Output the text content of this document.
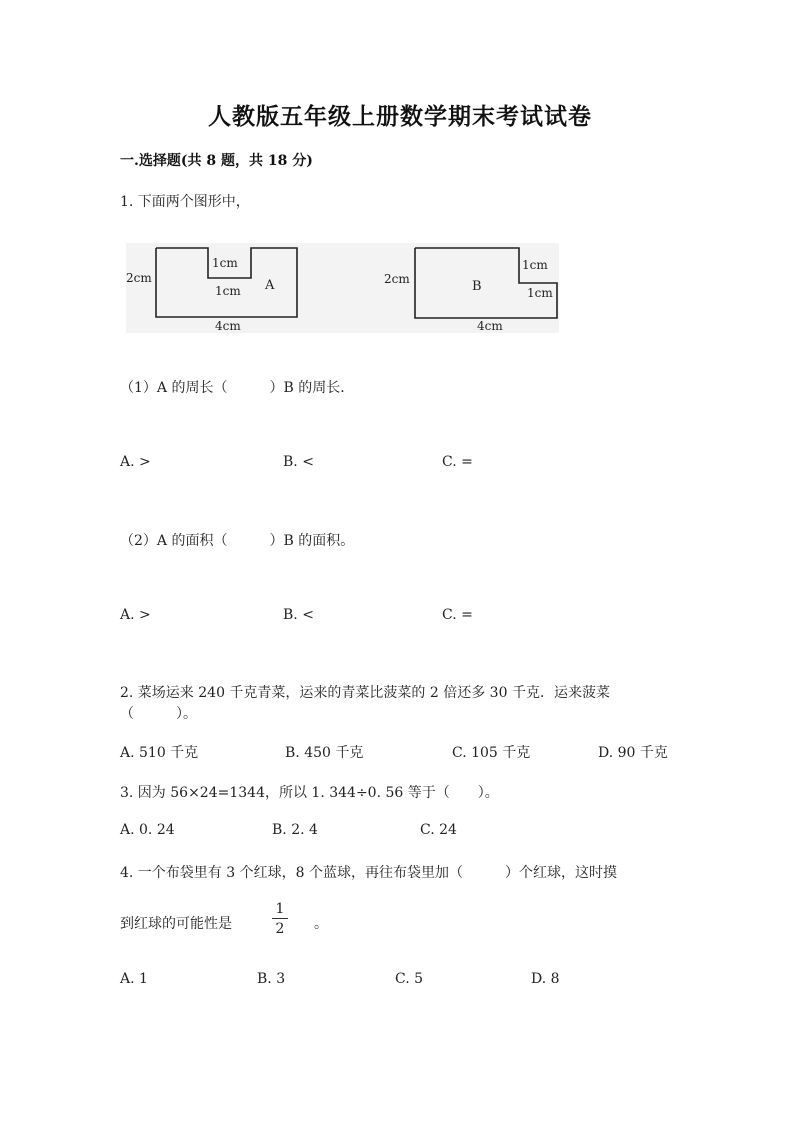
人教版五年级上册数学期末考试试卷
一.选择题(共 8 题，共 18 分)
1. 下面两个图形中，
2cm
1cm
1cm A
4cm
2cm
1cm
1cm
B
4cm
（1）A 的周长（　　　）B 的周长.
A. >	B. <	C. =
（2）A 的面积（　　　）B 的面积。
A. >	B. <	C. =
2. 菜场运来 240 千克青菜，运来的青菜比菠菜的 2 倍还多 30 千克．运来菠菜
（　　　）。
A. 510 千克	B. 450 千克	C. 105 千克	D. 90 千克
3. 因为 56×24=1344，所以 1. 344÷0. 56 等于（　　）。
A. 0. 24	B. 2. 4	C. 24
4. 一个布袋里有 3 个红球，8 个蓝球，再往布袋里加（　　　）个红球，这时摸
到红球的可能性是
1
2	。
A. 1	B. 3	C. 5	D. 8
